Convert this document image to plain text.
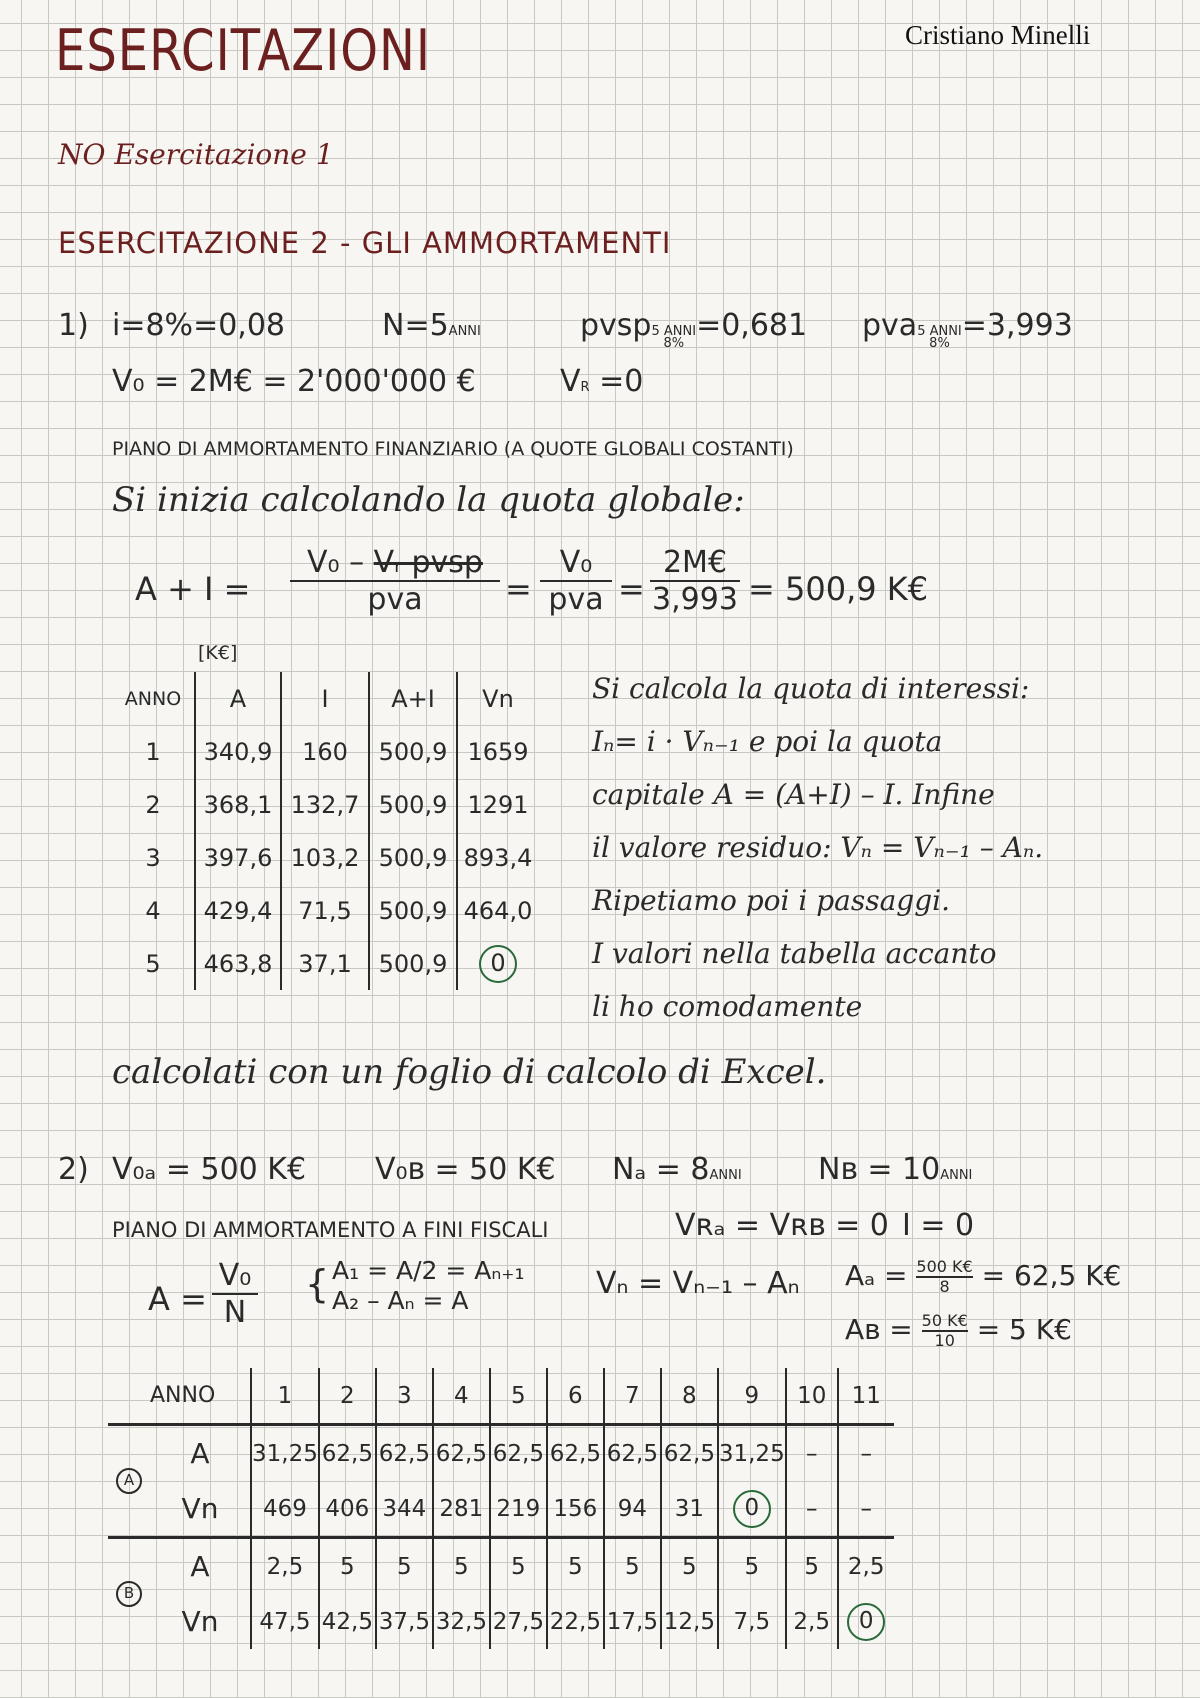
ESERCITAZIONI	Cristiano Minelli
NO Esercitazione 1
ESERCITAZIONE 2 - GLI AMMORTAMENTI
1) i=8%=0,08	N=5ANNI	pvsp 5 ANNI
8%
=0,681 pva 5 ANNI
8%
=3,993
V₀ = 2M€ = 2'000'000 €	VR =0
PIANO DI AMMORTAMENTO FINANZIARIO (A QUOTE GLOBALI COSTANTI)
Si inizia calcolando la quota globale:
A + I =
V₀ – Vᵣ pvsp
pva	=
V₀
pva =
2M€
3,993 = 500,9 K€
[K€]
ANNO	A	I	A+I	Vn
1	340,9	160	500,9	1659
2	368,1	132,7	500,9	1291
3	397,6	103,2	500,9	893,4
4	429,4	71,5	500,9	464,0
5	463,8	37,1	500,9	0
Si calcola la quota di interessi:
Iₙ= i · Vₙ₋₁ e poi la quota
capitale A = (A+I) – I. Infine
il valore residuo: Vₙ = Vₙ₋₁ – Aₙ.
Ripetiamo poi i passaggi.
I valori nella tabella accanto
li ho comodamente
calcolati con un foglio di calcolo di Excel.
2) V₀ₐ = 500 K€ V₀ʙ = 50 K€ Nₐ = 8ANNI	Nʙ = 10ANNI
PIANO DI AMMORTAMENTO A FINI FISCALI	Vʀₐ = Vʀʙ = 0 I = 0
A =
V₀
N
{ A₁ = A/2 = Aₙ₊₁
A₂ – Aₙ = A	Vₙ = Vₙ₋₁ – Aₙ $A_a = \frac{500 K€}{8} = 62,5$ K€
Aʙ = $\frac{50 K€}{10} = 5$ K€
	ANNO	1	2	3	4	5	6	7	8	9	10	11
A	A	31,25	62,5	62,5	62,5	62,5	62,5	62,5	62,5	31,25	–	–
	Vn	469	406	344	281	219	156	94	31	0	–	–
B	A	2,5	5	5	5	5	5	5	5	5	5	2,5
	Vn	47,5	42,5	37,5	32,5	27,5	22,5	17,5	12,5	7,5	2,5	0
